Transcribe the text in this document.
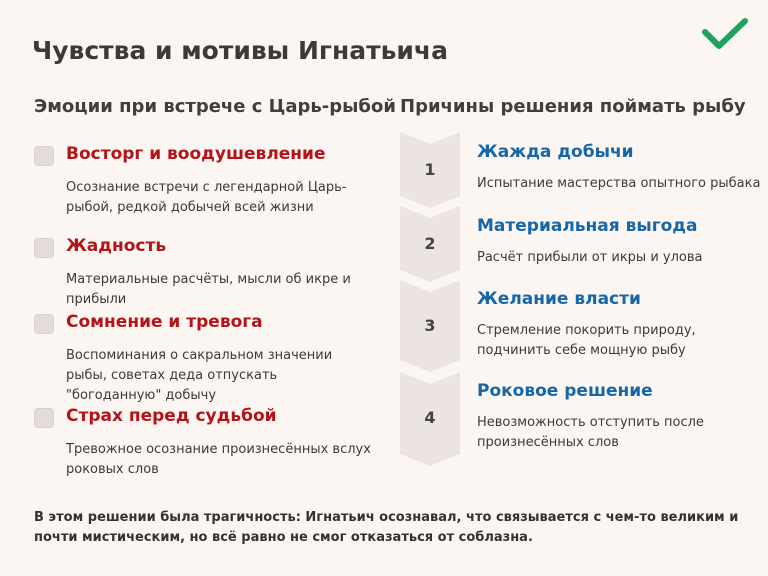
Чувства и мотивы Игнатьича
Эмоции при встрече с Царь-рыбой Причины решения поймать рыбу
Восторг и воодушевление
Осознание встречи с легендарной Царь-рыбой, редкой добычей всей жизни
Жадность
Материальные расчёты, мысли об икре и прибыли
Сомнение и тревога
Воспоминания о сакральном значении рыбы, советах деда отпускать "богоданную" добычу
Страх перед судьбой
Тревожное осознание произнесённых вслух роковых слов
1
2
3
4
Жажда добычи
Испытание мастерства опытного рыбака
Материальная выгода
Расчёт прибыли от икры и улова
Желание власти
Стремление покорить природу, подчинить себе мощную рыбу
Роковое решение
Невозможность отступить после произнесённых слов
В этом решении была трагичность: Игнатьич осознавал, что связывается с чем-то великим и почти мистическим, но всё равно не смог отказаться от соблазна.
